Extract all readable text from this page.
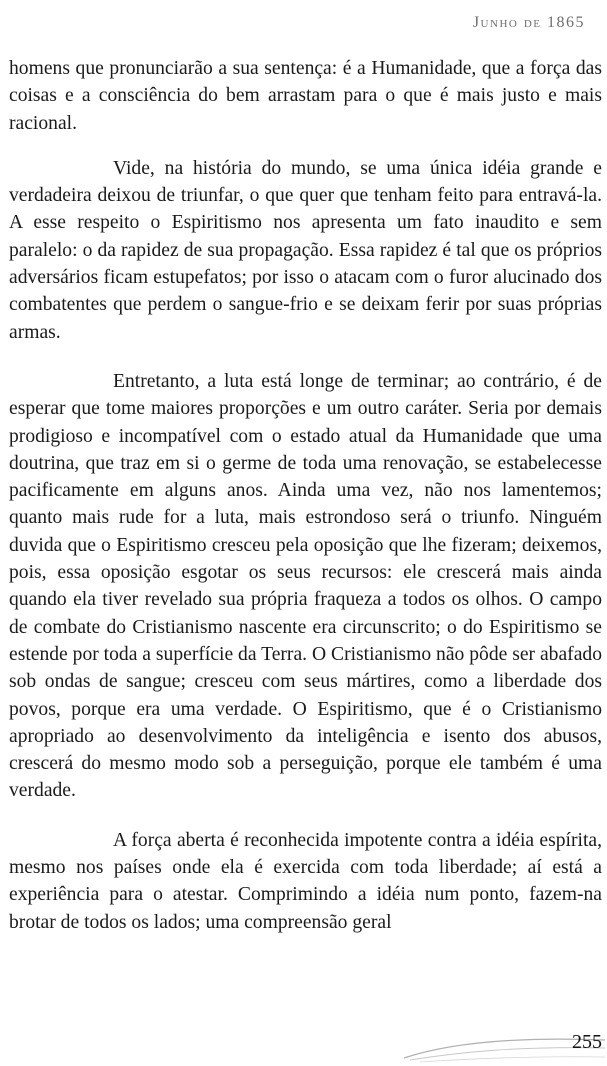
Junho de 1865

homens que pronunciarão a sua sentença: é a Humanidade, que a força das coisas e a consciência do bem arrastam para o que é mais justo e mais racional.

Vide, na história do mundo, se uma única idéia grande e verdadeira deixou de triunfar, o que quer que tenham feito para entravá-la. A esse respeito o Espiritismo nos apresenta um fato inaudito e sem paralelo: o da rapidez de sua propagação. Essa rapidez é tal que os próprios adversários ficam estupefatos; por isso o atacam com o furor alucinado dos combatentes que perdem o sangue-frio e se deixam ferir por suas próprias armas.

Entretanto, a luta está longe de terminar; ao contrário, é de esperar que tome maiores proporções e um outro caráter. Seria por demais prodigioso e incompatível com o estado atual da Humanidade que uma doutrina, que traz em si o germe de toda uma renovação, se estabelecesse pacificamente em alguns anos. Ainda uma vez, não nos lamentemos; quanto mais rude for a luta, mais estrondoso será o triunfo. Ninguém duvida que o Espiritismo cresceu pela oposição que lhe fizeram; deixemos, pois, essa oposição esgotar os seus recursos: ele crescerá mais ainda quando ela tiver revelado sua própria fraqueza a todos os olhos. O campo de combate do Cristianismo nascente era circunscrito; o do Espiritismo se estende por toda a superfície da Terra. O Cristianismo não pôde ser abafado sob ondas de sangue; cresceu com seus mártires, como a liberdade dos povos, porque era uma verdade. O Espiritismo, que é o Cristianismo apropriado ao desenvolvimento da inteligência e isento dos abusos, crescerá do mesmo modo sob a perseguição, porque ele também é uma verdade.

A força aberta é reconhecida impotente contra a idéia espírita, mesmo nos países onde ela é exercida com toda liberdade; aí está a experiência para o atestar. Comprimindo a idéia num ponto, fazem-na brotar de todos os lados; uma compreensão geral

255
